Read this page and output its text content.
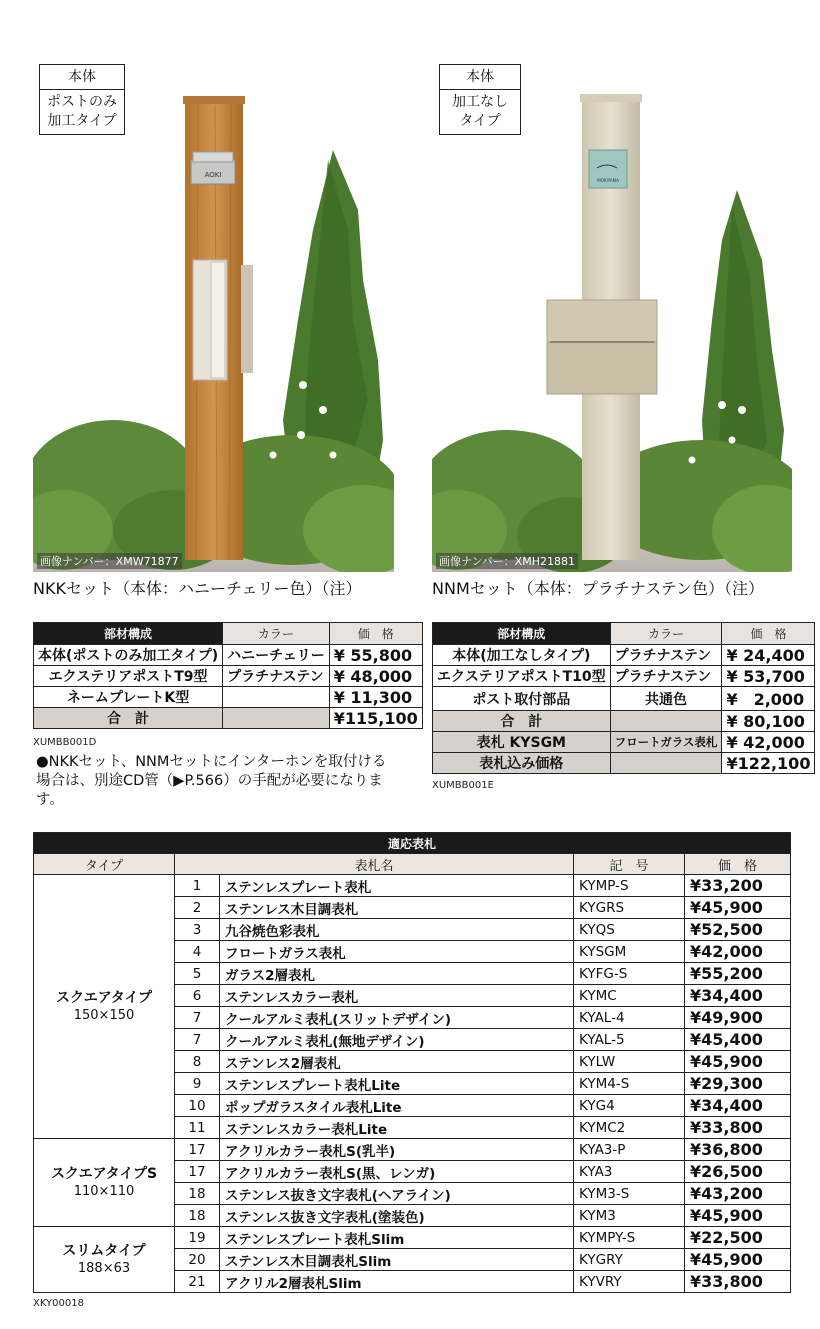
AOKI
画像ナンバー：XMW71877
本体
ポストのみ
加工タイプ
NKKセット（本体：ハニーチェリー色）（注）
MORIYAMA
画像ナンバー：XMH21881
本体
加工なし
タイプ
NNMセット（本体：プラチナステン色）（注）
部材構成	カラー	価　格
本体(ポストのみ加工タイプ)	ハニーチェリー	¥ 55,800
エクステリアポストT9型	プラチナステン	¥ 48,000
ネームプレートK型		¥ 11,300
合　計		¥115,100
XUMBB001D
●NKKセット、NNMセットにインターホンを取付ける場合は、別途CD管（▶P.566）の手配が必要になります。
部材構成	カラー	価　格
本体(加工なしタイプ)	プラチナステン	¥ 24,400
エクステリアポストT10型	プラチナステン	¥ 53,700
ポスト取付部品	共通色	¥　2,000
合　計		¥ 80,100
表札 KYSGM	フロートガラス表札	¥ 42,000
表札込み価格		¥122,100
XUMBB001E
適応表札				
タイプ	表札名		記　号	価　格
スクエアタイプ
150×150	1	ステンレスプレート表札	KYMP-S	¥33,200
	2	ステンレス木目調表札	KYGRS	¥45,900
	3	九谷焼色彩表札	KYQS	¥52,500
	4	フロートガラス表札	KYSGM	¥42,000
	5	ガラス2層表札	KYFG-S	¥55,200
	6	ステンレスカラー表札	KYMC	¥34,400
	7	クールアルミ表札(スリットデザイン)	KYAL-4	¥49,900
	7	クールアルミ表札(無地デザイン)	KYAL-5	¥45,400
	8	ステンレス2層表札	KYLW	¥45,900
	9	ステンレスプレート表札Lite	KYM4-S	¥29,300
	10	ポップガラスタイル表札Lite	KYG4	¥34,400
	11	ステンレスカラー表札Lite	KYMC2	¥33,800
スクエアタイプS
110×110	17	アクリルカラー表札S(乳半)	KYA3-P	¥36,800
	17	アクリルカラー表札S(黒、レンガ)	KYA3	¥26,500
	18	ステンレス抜き文字表札(ヘアライン)	KYM3-S	¥43,200
	18	ステンレス抜き文字表札(塗装色)	KYM3	¥45,900
スリムタイプ
188×63	19	ステンレスプレート表札Slim	KYMPY-S	¥22,500
	20	ステンレス木目調表札Slim	KYGRY	¥45,900
	21	アクリル2層表札Slim	KYVRY	¥33,800
XKY00018
